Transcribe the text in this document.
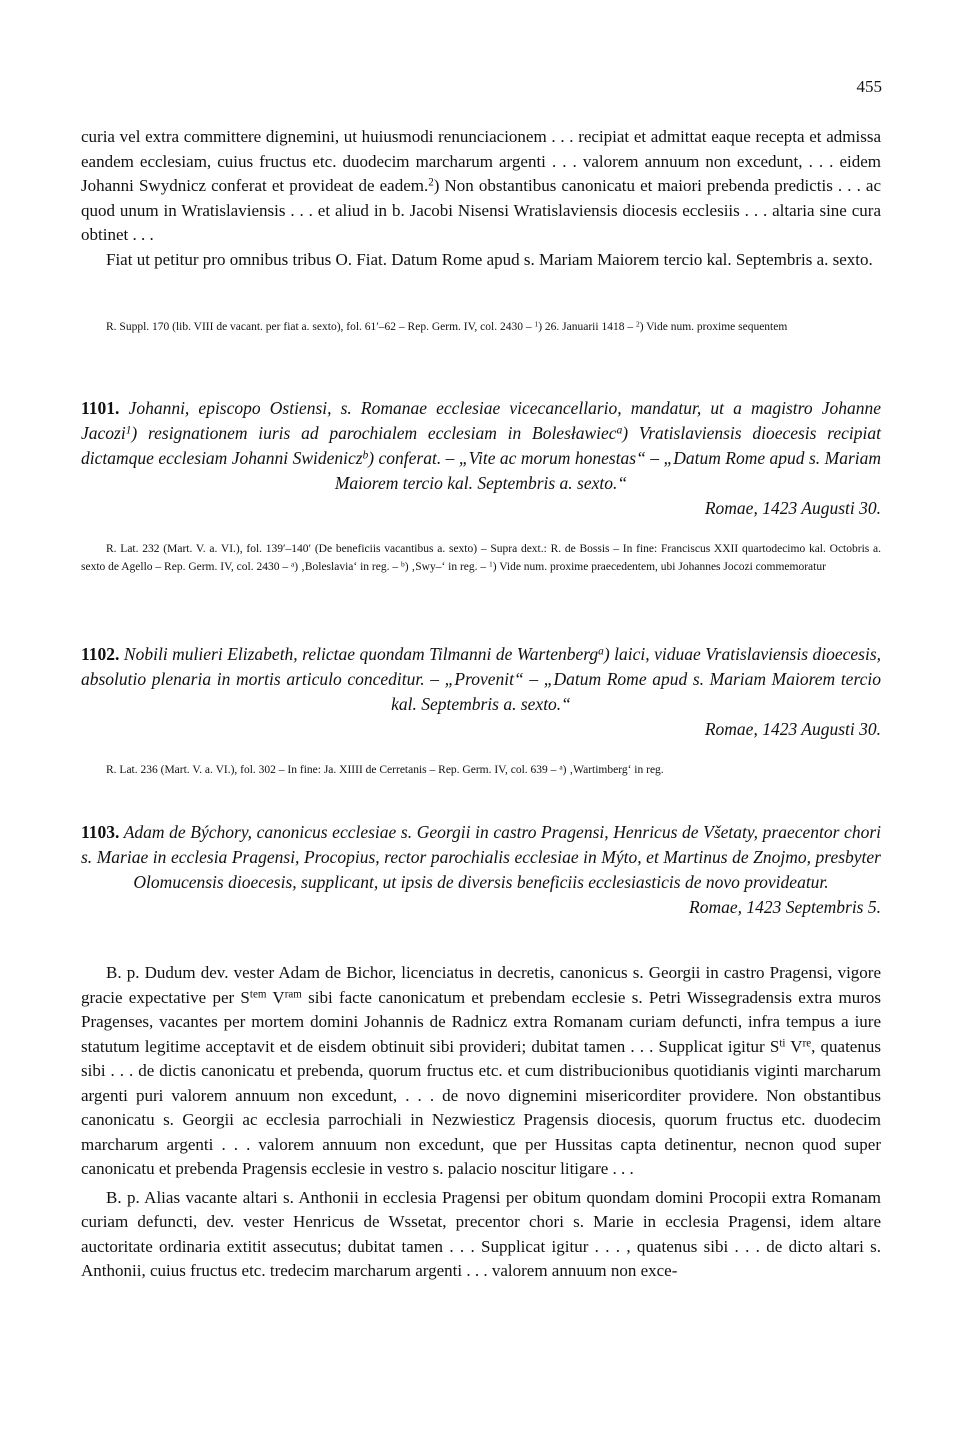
455

curia vel extra committere dignemini, ut huiusmodi renunciacionem . . . recipiat et admittat eaque recepta et admissa eandem ecclesiam, cuius fructus etc. duodecim marcharum argenti . . . valorem annuum non excedunt, . . . eidem Johanni Swydnicz conferat et provideat de eadem.$^2$) Non obstantibus canonicatu et maiori prebenda predictis . . . ac quod unum in Wratislaviensis . . . et aliud in b. Jacobi Nisensi Wratislaviensis diocesis ecclesiis . . . altaria sine cura obtinet . . .

Fiat ut petitur pro omnibus tribus O. Fiat. Datum Rome apud s. Mariam Maiorem tercio kal. Septembris a. sexto.

R. Suppl. 170 (lib. VIII de vacant. per fiat a. sexto), fol. 61′–62 – Rep. Germ. IV, col. 2430 – $^1$) 26. Januarii 1418 – $^2$) Vide num. proxime sequentem

1101. Johanni, episcopo Ostiensi, s. Romanae ecclesiae vicecancellario, mandatur, ut a magistro Johanne Jacozi$^1$) resignationem iuris ad parochialem ecclesiam in Bolesławiec$^a$) Vratislaviensis dioecesis recipiat dictamque ecclesiam Johanni Swidenicz$^b$) conferat. – „Vite ac morum honestas“ – „Datum Rome apud s. Mariam Maiorem tercio kal. Septembris a. sexto.“

Romae, 1423 Augusti 30.

R. Lat. 232 (Mart. V. a. VI.), fol. 139′–140′ (De beneficiis vacantibus a. sexto) – Supra dext.: R. de Bossis – In fine: Franciscus XXII quartodecimo kal. Octobris a. sexto de Agello – Rep. Germ. IV, col. 2430 – $^a$) ‚Boleslavia‘ in reg. – $^b$) ‚Swy–‘ in reg. – $^1$) Vide num. proxime praecedentem, ubi Johannes Jocozi commemoratur

1102. Nobili mulieri Elizabeth, relictae quondam Tilmanni de Wartenberg$^a$) laici, viduae Vratislaviensis dioecesis, absolutio plenaria in mortis articulo conceditur. – „Provenit“ – „Datum Rome apud s. Mariam Maiorem tercio kal. Septembris a. sexto.“

Romae, 1423 Augusti 30.

R. Lat. 236 (Mart. V. a. VI.), fol. 302 – In fine: Ja. XIIII de Cerretanis – Rep. Germ. IV, col. 639 – $^a$) ‚Wartimberg‘ in reg.

1103. Adam de Býchory, canonicus ecclesiae s. Georgii in castro Pragensi, Henricus de Všetaty, praecentor chori s. Mariae in ecclesia Pragensi, Procopius, rector parochialis ecclesiae in Mýto, et Martinus de Znojmo, presbyter Olomucensis dioecesis, supplicant, ut ipsis de diversis beneficiis ecclesiasticis de novo provideatur.

Romae, 1423 Septembris 5.

B. p. Dudum dev. vester Adam de Bichor, licenciatus in decretis, canonicus s. Georgii in castro Pragensi, vigore gracie expectative per $S^{tem}$ $V^{ram}$ sibi facte canonicatum et prebendam ecclesie s. Petri Wissegradensis extra muros Pragenses, vacantes per mortem domini Johannis de Radnicz extra Romanam curiam defuncti, infra tempus a iure statutum legitime acceptavit et de eisdem obtinuit sibi provideri; dubitat tamen . . . Supplicat igitur $S^{ti}$ Vre, quatenus sibi . . . de dictis canonicatu et prebenda, quorum fructus etc. et cum distribucionibus quotidianis viginti marcharum argenti puri valorem annuum non excedunt, . . . de novo dignemini misericorditer providere. Non obstantibus canonicatu s. Georgii ac ecclesia parrochiali in Nezwiesticz Pragensis diocesis, quorum fructus etc. duodecim marcharum argenti . . . valorem annuum non excedunt, que per Hussitas capta detinentur, necnon quod super canonicatu et prebenda Pragensis ecclesie in vestro s. palacio noscitur litigare . . .

B. p. Alias vacante altari s. Anthonii in ecclesia Pragensi per obitum quondam domini Procopii extra Romanam curiam defuncti, dev. vester Henricus de Wssetat, precentor chori s. Marie in ecclesia Pragensi, idem altare auctoritate ordinaria extitit assecutus; dubitat tamen . . . Supplicat igitur . . . , quatenus sibi . . . de dicto altari s. Anthonii, cuius fructus etc. tredecim marcharum argenti . . . valorem annuum non exce-
